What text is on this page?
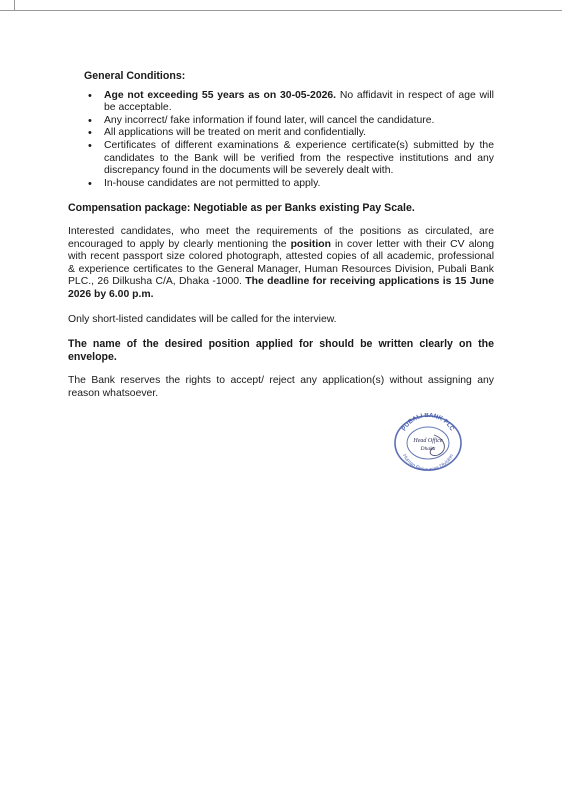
General Conditions:
• Age not exceeding 55 years as on 30-05-2026. No affidavit in respect of age will be acceptable.
• Any incorrect/ fake information if found later, will cancel the candidature.
• All applications will be treated on merit and confidentially.
• Certificates of different examinations & experience certificate(s) submitted by the candidates to the Bank will be verified from the respective institutions and any discrepancy found in the documents will be severely dealt with.
• In-house candidates are not permitted to apply.
Compensation package: Negotiable as per Banks existing Pay Scale.

Interested candidates, who meet the requirements of the positions as circulated, are encouraged to apply by clearly mentioning the position in cover letter with their CV along with recent passport size colored photograph, attested copies of all academic, professional & experience certificates to the General Manager, Human Resources Division, Pubali Bank PLC., 26 Dilkusha C/A, Dhaka -1000. The deadline for receiving applications is 15 June 2026 by 6.00 p.m.

Only short-listed candidates will be called for the interview.

The name of the desired position applied for should be written clearly on the envelope.

The Bank reserves the rights to accept/ reject any application(s) without assigning any reason whatsoever.

PUBALI BANK PLC
Human Resources Division
Head Office
Dhaka
